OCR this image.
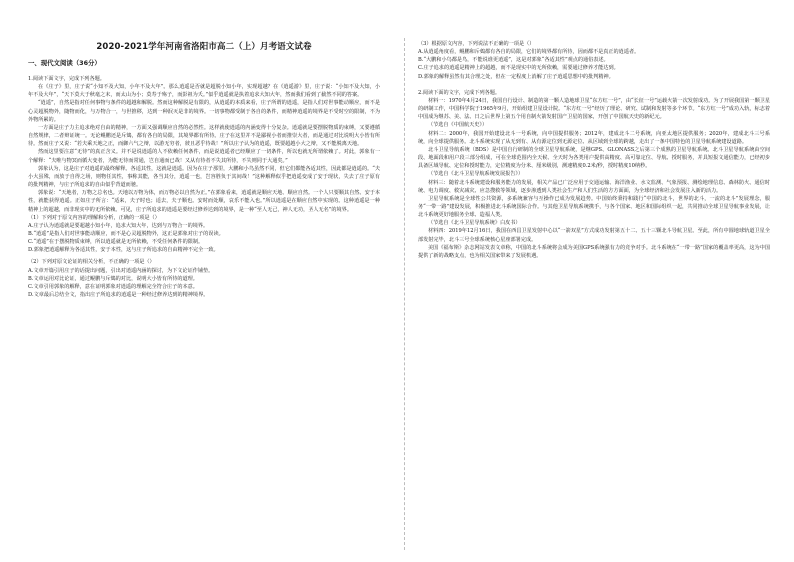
2020-2021学年河南省洛阳市高二（上）月考语文试卷

一、现代文阅读（36分）

1.阅读下面文字，完成下列各题。

在《庄子》里，庄子说“小知不及大知，小年不及大年”。那么逍遥是否就是超脱小知小年，实现超越？在《逍遥游》里，庄子说：“小知不及大知，小年不及大年”，“天下莫大于秋毫之末，而太山为小；莫寿于殇子，而彭祖为夭。”似乎逍遥就是执着追求大知大年，然而我们看到了截然不同的答案。

“逍遥”，自然是指对任何事物与条件的超越和解脱。然而这种解脱是有限的，从逍遥的本质来看，庄子所谓的逍遥，是指人们对世事能动顺应，而不是心灵超脱物外，随物而化，与万物合一，与世推移，达到一种泯灭是非的境界。一切事物都受制于各自的条件，而精神逍遥的境界是不受时空的限制，不为外物所累的。

一方面是庄子力主追求绝对自由的精神，一方面又强调顺应自然的必然性。这样就使逍遥的内涵变得十分复杂。逍遥就是要摆脱物质的束缚，又要遵循自然规律，二者辩证统一。无论鲲鹏还是斥鴳，都有各自的局限，其境界都有所待。庄子在这里并不是鄙视小者而推崇大者，而是通过对比说明大小皆有所待。然而庄子又说：“若夫乘天地之正，而御六气之辩，以游无穷者，彼且恶乎待哉！”所以庄子认为的逍遥，既要超越小大之辩，又不能脱离天地。

然而这里要注意“无待”的真正含义。并不是说逍遥的人不依赖任何条件，而是说逍遥者已经顺应了一切条件，所以也就无所谓依赖了。对此，郭象有一个解释：“夫唯与物冥而循大变者，为能无待而常通，岂自通而已哉！又从有待者不失其所待，不失则同于大通矣。”

郭象认为，这是庄子对逍遥的最终解释。各适其性，这就是逍遥。因为在庄子那里，大鹏和小鸟虽然不同，但它们都能各适其性，因此都是逍遥的。“夫小大虽殊，而放于自得之场，则物任其性，事称其能，各当其分，逍遥一也，岂容胜负于其间哉！”这种解释似乎把逍遥变成了安于现状，失去了庄子原有的批判精神，与庄子所追求的自由似乎背道而驰。

郭象说：“天地者，万物之总名也。天地以万物为体，而万物必以自然为正。”在郭象看来，逍遥就是顺应天地、顺应自然。一个人只要顺其自然、安于本性，就能获得逍遥。正如庄子所言：“适来，夫子时也；适去，夫子顺也。安时而处顺，哀乐不能入也。”所以逍遥是在顺应自然中实现的。这种逍遥是一种精神上的超越，而非现实中的无所依赖。可见，庄子所追求的逍遥是要经过修养达到的境界，是一种“至人无己，神人无功，圣人无名”的境界。

（1）下列对于原文内容的理解和分析，正确的一项是（）

A.庄子认为逍遥就是要超越小知小年，追求大知大年，达到与万物合一的境界。

B.“逍遥”是指人们对世事能动顺应，而不是心灵超脱物外，这正是郭象对庄子的误读。

C.“逍遥”在于摆脱物质束缚，所以逍遥就是无所依赖，不受任何条件的限制。

D.郭象把逍遥解释为各适其性，安于本性，这与庄子所追求的自由精神不完全一致。

（2）下列对原文论证的相关分析，不正确的一项是（）

A.文章开篇引用庄子的话提出问题，引出对逍遥内涵的探讨，为下文论证作铺垫。

B.文章运用对比论证，通过鲲鹏与斥鴳的对比，说明大小皆有所待的道理。

C.文章引用郭象的解释，意在证明郭象对逍遥的理解完全符合庄子的本意。

D.文章最后总结全文，指出庄子所追求的逍遥是一种经过修养达到的精神境界。

（3）根据原文内容，下列说法不正确的一项是（）

A.从逍遥角度看，鲲鹏和斥鴳都有各自的局限，它们的境界都有所待，因而都不是真正的逍遥者。

B.“大鹏和小鸟都是鸟，不能说谁更逍遥”，这是对郭象“各适其性”观点的通俗表述。

C.庄子追求的逍遥是精神上的超越，而不是现实中的无所依赖，需要通过修养才能达到。

D.郭象的解释虽然有其合理之处，但在一定程度上消解了庄子逍遥思想中的批判精神。

2.阅读下面的文字，完成下列各题。

材料一：1970年4月24日，我国自行设计、制造的第一颗人造地球卫星“东方红一号”，由“长征一号”运载火箭一次发射成功。为了开展我国第一颗卫星的研制工作，中国科学院于1965年9月，开始组建卫星设计院。“东方红一号”经历了理论、研究、试制和发射等多个环节。“东方红一号”成功入轨，标志着中国成为继苏、美、法、日之后世界上第五个用自制火箭发射国产卫星的国家，开创了中国航天史的新纪元。

（节选自《中国航天史》）

材料二：2000年，我国开始建设北斗一号系统，向中国提供服务；2012年，建成北斗二号系统，向亚太地区提供服务；2020年，建成北斗三号系统，向全球提供服务。北斗系统实现了从无到有、从有源定位到无源定位、从区域到全球的跨越，走出了一条中国特色的卫星导航系统建设道路。

北斗卫星导航系统（BDS）是中国自行研制的全球卫星导航系统，是继GPS、GLONASS之后第三个成熟的卫星导航系统。北斗卫星导航系统由空间段、地面段和用户段三部分组成，可在全球范围内全天候、全天时为各类用户提供高精度、高可靠定位、导航、授时服务，并具短报文通信能力，已经初步具备区域导航、定位和授时能力，定位精度为分米、厘米级别，测速精度0.2米/秒，授时精度10纳秒。

（节选自《北斗卫星导航系统发展报告》）

材料三：随着北斗系统建设和服务能力的发展，相关产品已广泛应用于交通运输、海洋渔业、水文监测、气象预报、测绘地理信息、森林防火、通信时统、电力调度、救灾减灾、应急搜救等领域，逐步渗透到人类社会生产和人们生活的方方面面，为全球经济和社会发展注入新的活力。

卫星导航系统是全球性公共资源，多系统兼容与互操作已成为发展趋势。中国始终秉持和践行“中国的北斗，世界的北斗，一流的北斗”发展理念，服务“一带一路”建设发展，积极推进北斗系统国际合作。与其他卫星导航系统携手，与各个国家、地区和国际组织一起，共同推动全球卫星导航事业发展，让北斗系统更好地服务全球、造福人类。

（节选自《北斗卫星导航系统》白皮书）

材料四：2019年12月16日，我国在西昌卫星发射中心以“一箭双星”方式成功发射第五十二、五十三颗北斗导航卫星。至此，所有中圆地球轨道卫星全部发射完毕，北斗三号全球系统核心星座部署完成。

美国《福布斯》杂志网站发表文章称，中国的北斗系统将会成为美国GPS系统强有力的竞争对手。北斗系统在“一带一路”国家的覆盖率更高，这为中国提供了新的战略支点，也为相关国家带来了发展机遇。
